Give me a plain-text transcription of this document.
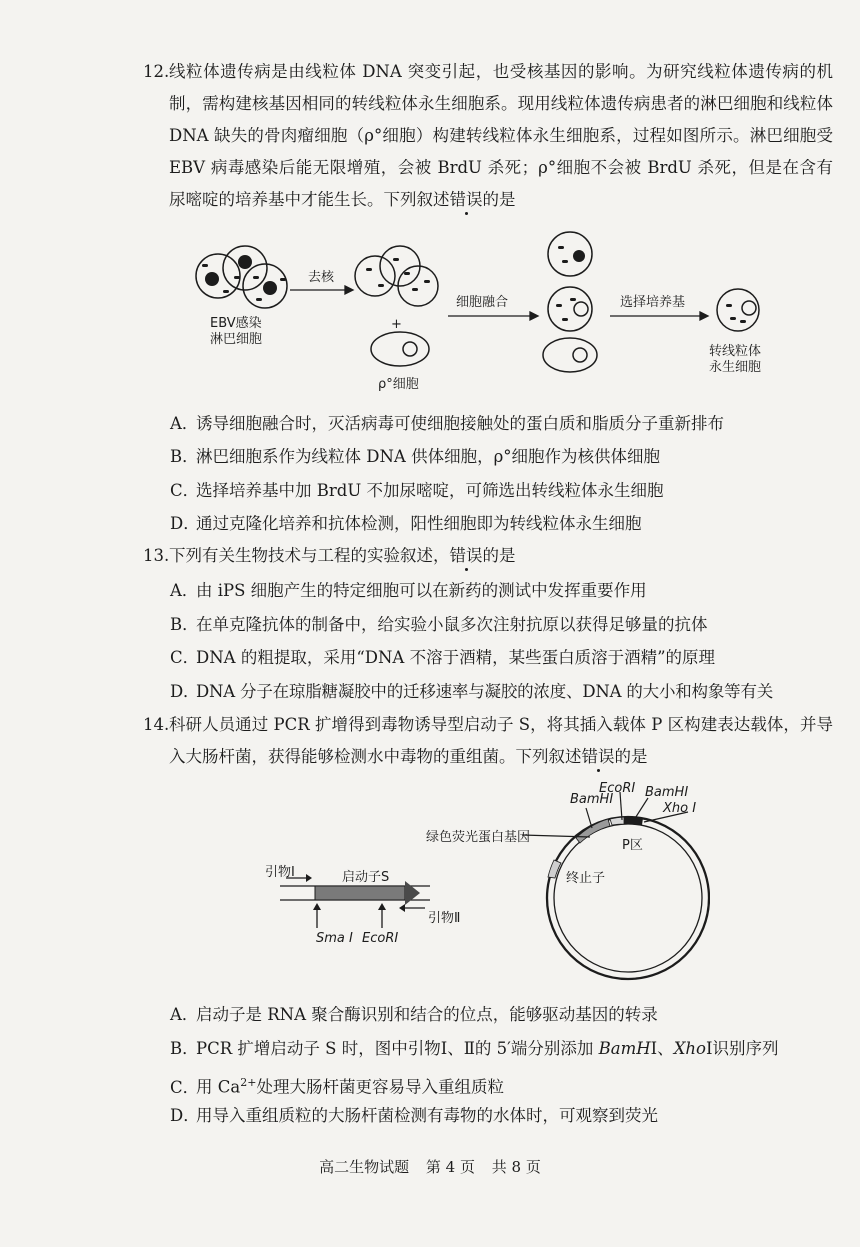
12. 线粒体遗传病是由线粒体 DNA 突变引起，也受核基因的影响。为研究线粒体遗传病的机制，需构建核基因相同的转线粒体永生细胞系。现用线粒体遗传病患者的淋巴细胞和线粒体 DNA 缺失的骨肉瘤细胞（ρ°细胞）构建转线粒体永生细胞系，过程如图所示。淋巴细胞受 EBV 病毒感染后能无限增殖，会被 BrdU 杀死；ρ°细胞不会被 BrdU 杀死，但是在含有尿嘧啶的培养基中才能生长。下列叙述错误的是
去核
+
EBV感染
淋巴细胞
ρ°细胞
细胞融合	选择培养基
转线粒体
永生细胞
A．诱导细胞融合时，灭活病毒可使细胞接触处的蛋白质和脂质分子重新排布
B．淋巴细胞系作为线粒体 DNA 供体细胞，ρ°细胞作为核供体细胞
C．选择培养基中加 BrdU 不加尿嘧啶，可筛选出转线粒体永生细胞
D．通过克隆化培养和抗体检测，阳性细胞即为转线粒体永生细胞
13. 下列有关生物技术与工程的实验叙述，错误的是
A．由 iPS 细胞产生的特定细胞可以在新药的测试中发挥重要作用
B．在单克隆抗体的制备中，给实验小鼠多次注射抗原以获得足够量的抗体
C．DNA 的粗提取，采用“DNA 不溶于酒精，某些蛋白质溶于酒精”的原理
D．DNA 分子在琼脂糖凝胶中的迁移速率与凝胶的浓度、DNA 的大小和构象等有关
14. 科研人员通过 PCR 扩增得到毒物诱导型启动子 S，将其插入载体 P 区构建表达载体，并导入大肠杆菌，获得能够检测水中毒物的重组菌。下列叙述错误的是
引物Ⅰ	启动子S
引物Ⅱ
Sma Ⅰ EcoRⅠ
BamHⅠ
EcoRⅠ BamHⅠ
Xho Ⅰ
绿色荧光蛋白基因
P区
终止子
A．启动子是 RNA 聚合酶识别和结合的位点，能够驱动基因的转录
B．PCR 扩增启动子 S 时，图中引物Ⅰ、Ⅱ的 5′端分别添加 BamHⅠ、XhoⅠ识别序列
C．用 $Ca^{2+}$处理大肠杆菌更容易导入重组质粒
D．用导入重组质粒的大肠杆菌检测有毒物的水体时，可观察到荧光
高二生物试题 第 4 页 共 8 页
